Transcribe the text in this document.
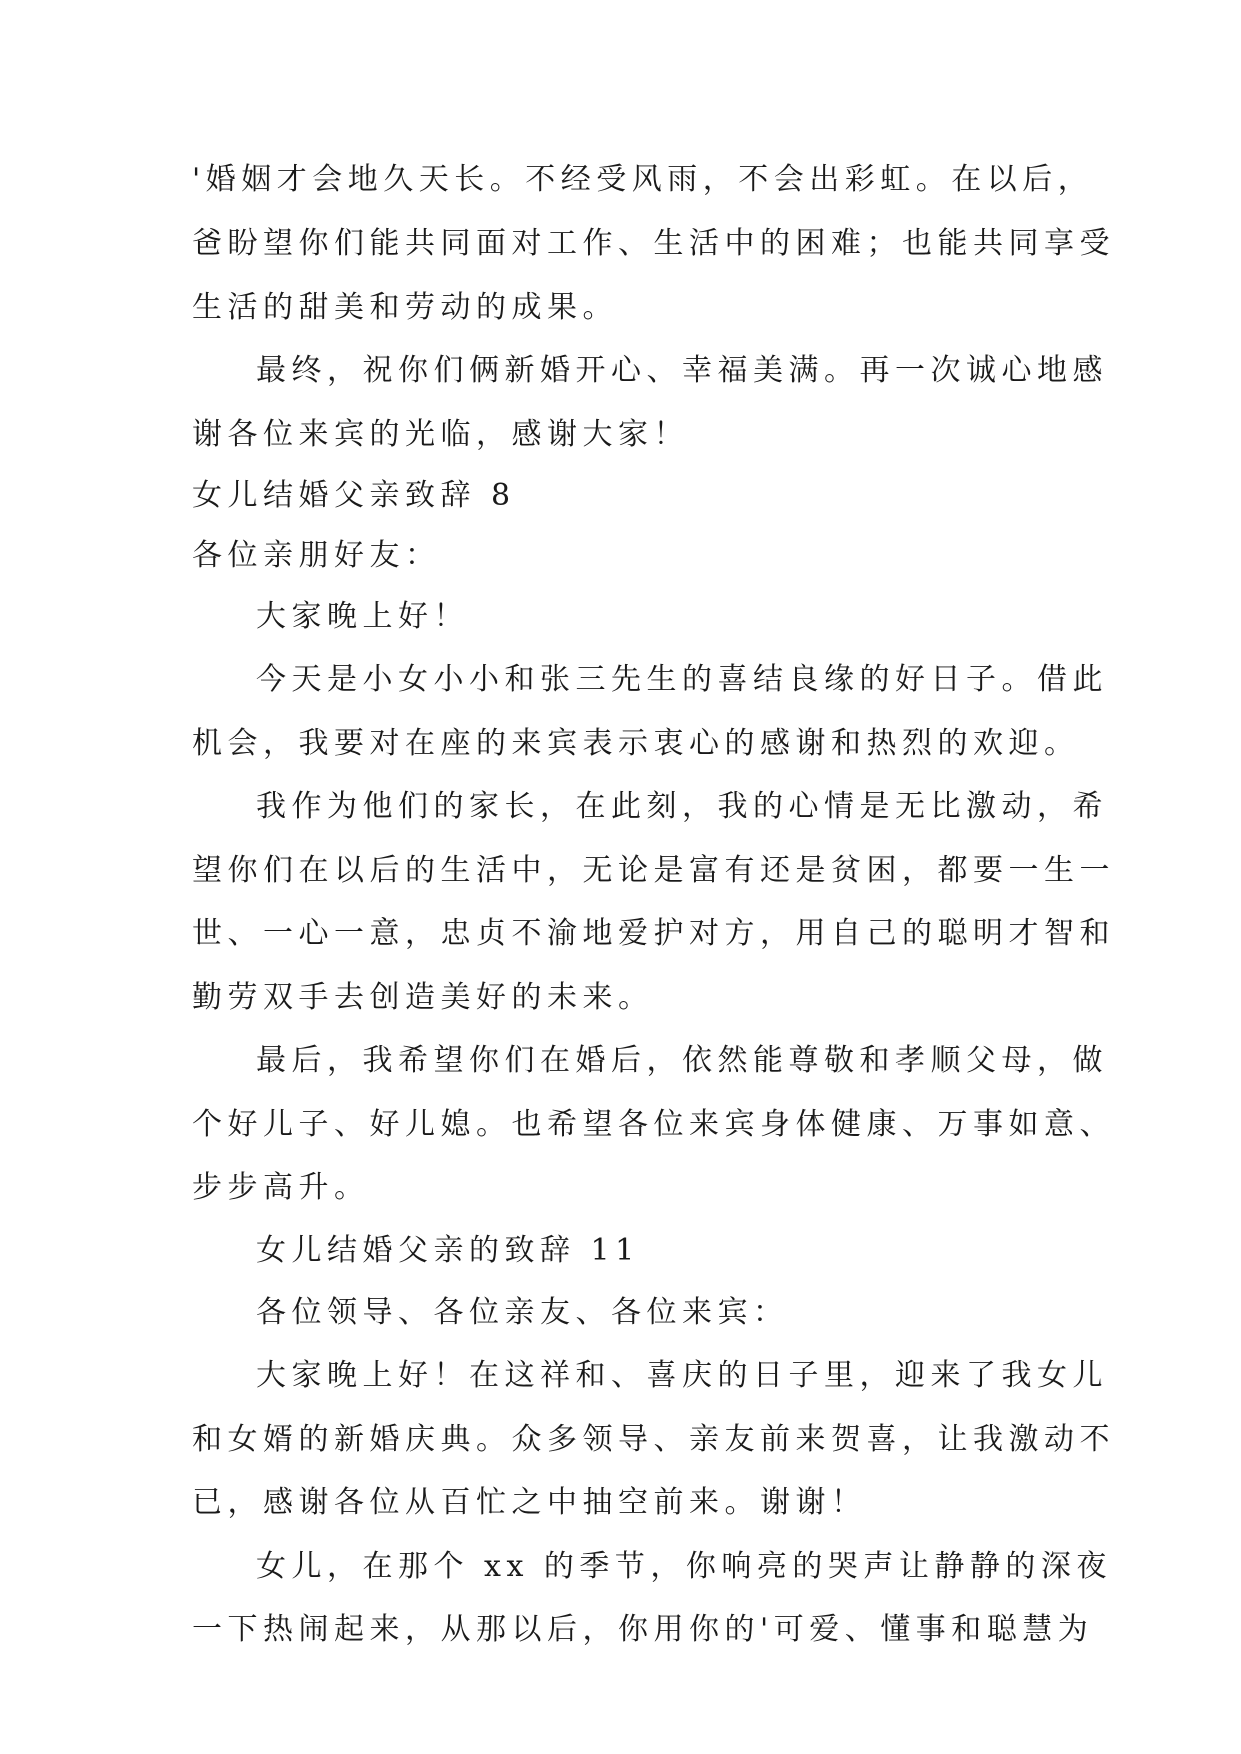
'婚姻才会地久天长。不经受风雨，不会出彩虹。在以后，
爸盼望你们能共同面对工作、生活中的困难；也能共同享受
生活的甜美和劳动的成果。
最终，祝你们俩新婚开心、幸福美满。再一次诚心地感
谢各位来宾的光临，感谢大家！
女儿结婚父亲致辞 8
各位亲朋好友：
大家晚上好！
今天是小女小小和张三先生的喜结良缘的好日子。借此
机会，我要对在座的来宾表示衷心的感谢和热烈的欢迎。
我作为他们的家长，在此刻，我的心情是无比激动，希
望你们在以后的生活中，无论是富有还是贫困，都要一生一
世、一心一意，忠贞不渝地爱护对方，用自己的聪明才智和
勤劳双手去创造美好的未来。
最后，我希望你们在婚后，依然能尊敬和孝顺父母，做
个好儿子、好儿媳。也希望各位来宾身体健康、万事如意、
步步高升。
女儿结婚父亲的致辞 11
各位领导、各位亲友、各位来宾：
大家晚上好！在这祥和、喜庆的日子里，迎来了我女儿
和女婿的新婚庆典。众多领导、亲友前来贺喜，让我激动不
已，感谢各位从百忙之中抽空前来。谢谢！
女儿，在那个 xx 的季节，你响亮的哭声让静静的深夜
一下热闹起来，从那以后，你用你的'可爱、懂事和聪慧为
